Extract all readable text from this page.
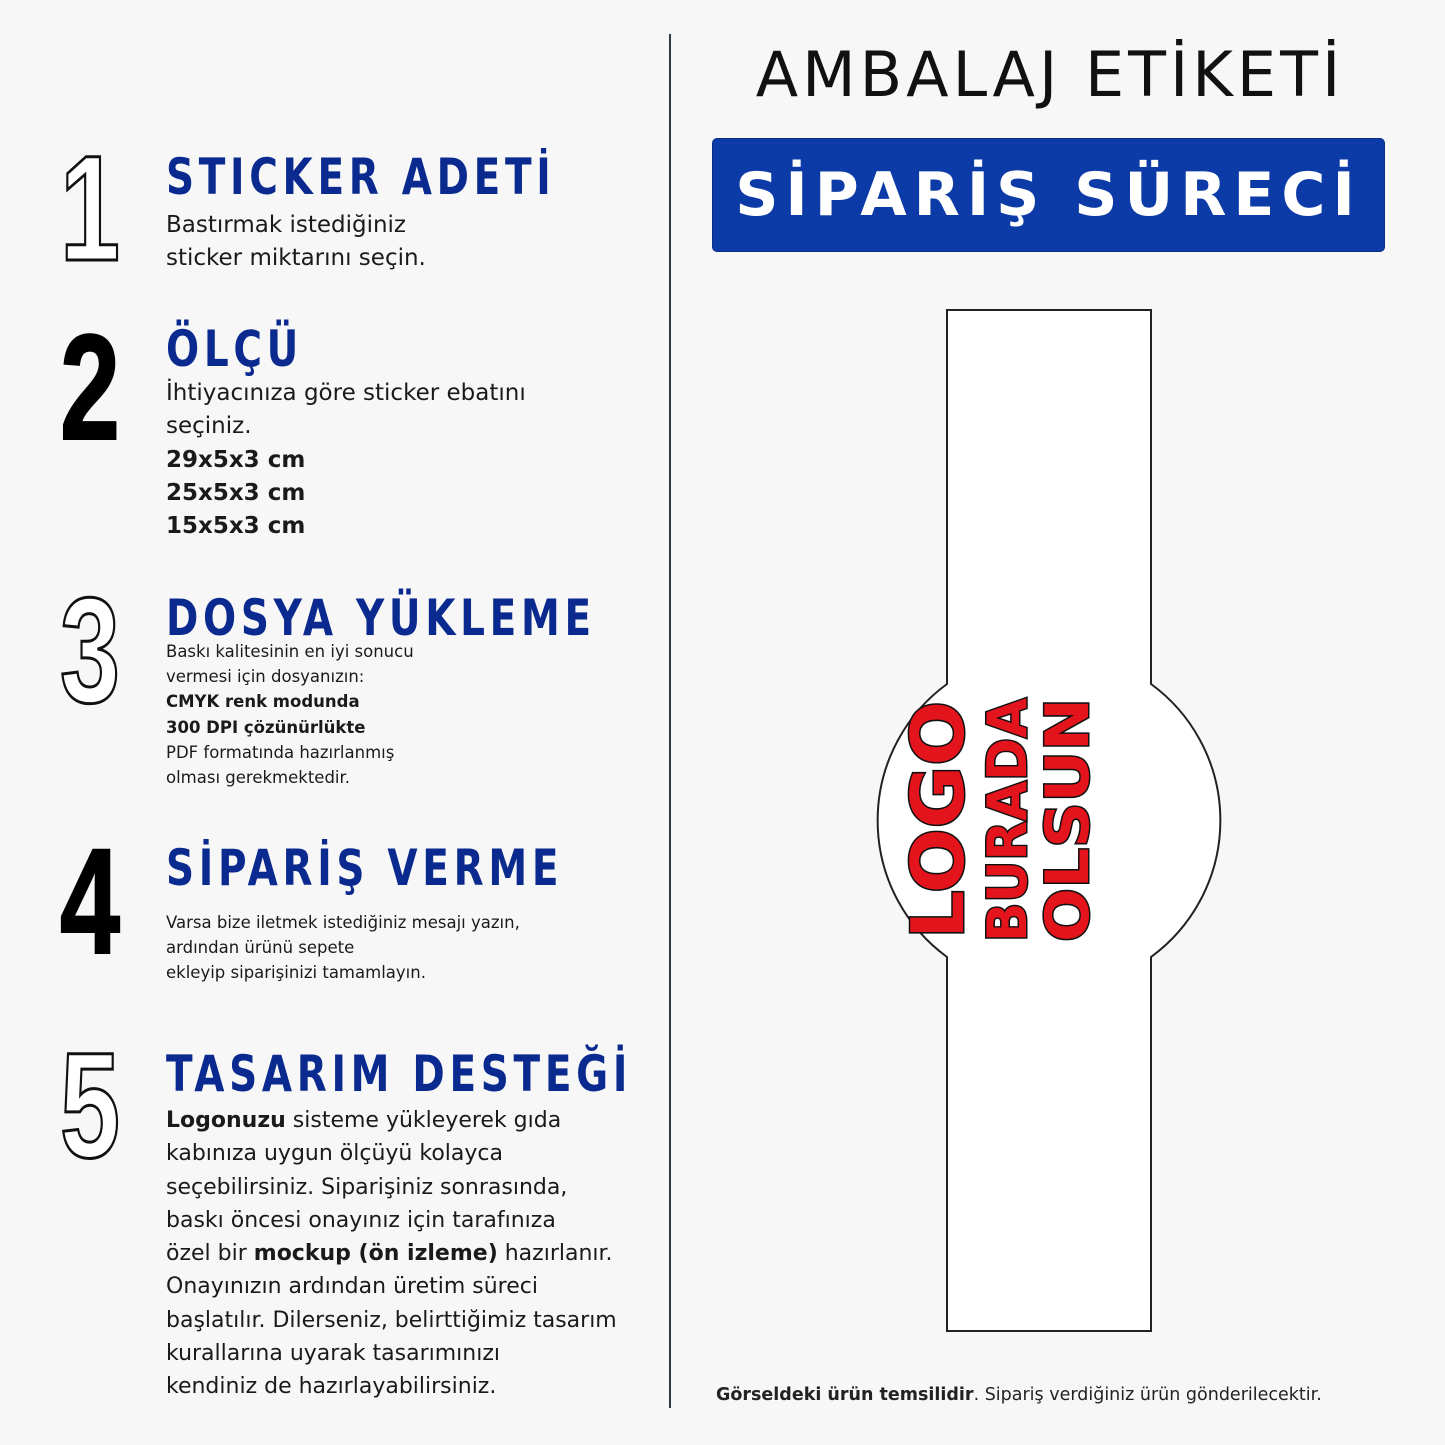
1 STICKER ADETİ
Bastırmak istediğiniz
sticker miktarını seçin.
2 ÖLÇÜ
İhtiyacınıza göre sticker ebatını
seçiniz.
29x5x3 cm
25x5x3 cm
15x5x3 cm
3 DOSYA YÜKLEME
Baskı kalitesinin en iyi sonucu
vermesi için dosyanızın:
CMYK renk modunda
300 DPI çözünürlükte
PDF formatında hazırlanmış
olması gerekmektedir.
4 SİPARİŞ VERME
Varsa bize iletmek istediğiniz mesajı yazın,
ardından ürünü sepete
ekleyip siparişinizi tamamlayın.
5 TASARIM DESTEĞİ
Logonuzu sisteme yükleyerek gıda
kabınıza uygun ölçüyü kolayca
seçebilirsiniz. Siparişiniz sonrasında,
baskı öncesi onayınız için tarafınıza
özel bir mockup (ön izleme) hazırlanır.
Onayınızın ardından üretim süreci
başlatılır. Dilerseniz, belirttiğimiz tasarım
kurallarına uyarak tasarımınızı
kendiniz de hazırlayabilirsiniz.
AMBALAJ ETİKETİ
SİPARİŞ SÜRECİ
LOGO
BURADA
OLSUN
Görseldeki ürün temsilidir. Sipariş verdiğiniz ürün gönderilecektir.
